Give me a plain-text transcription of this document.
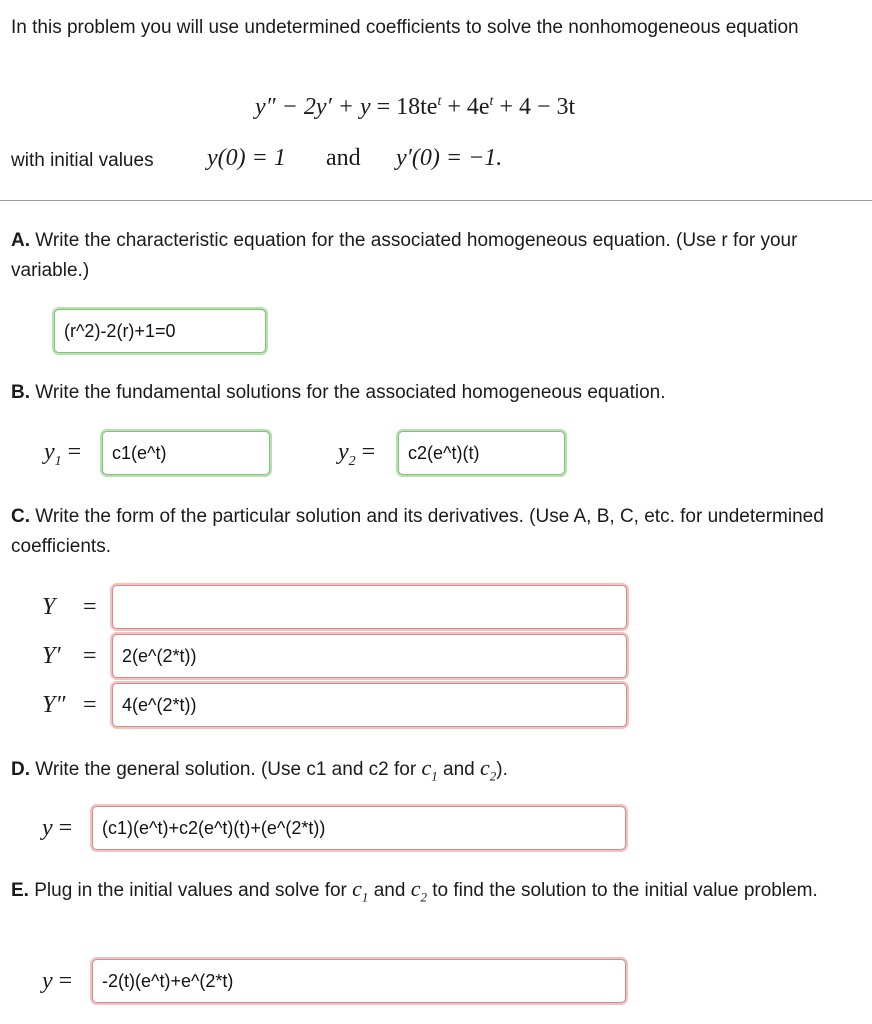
In this problem you will use undetermined coefficients to solve the nonhomogeneous equation
$y'' - 2y' + y = 18te^t + 4e^t + 4 - 3t$
with initial values y(0) = 1 and y′(0) = −1.
A. Write the characteristic equation for the associated homogeneous equation. (Use r for your variable.)
(r^2)-2(r)+1=0
B. Write the fundamental solutions for the associated homogeneous equation.
$y_1$ =
c1(e^t)	$y_2$ =
c2(e^t)(t)
C. Write the form of the particular solution and its derivatives. (Use A, B, C, etc. for undetermined coefficients.
Y =
Y′ =
2(e^(2*t))
Y″ =
4(e^(2*t))
D. Write the general solution. (Use c1 and c2 for $c_1$ and $c_2$).
y =
(c1)(e^t)+c2(e^t)(t)+(e^(2*t))
E. Plug in the initial values and solve for $c_1$ and $c_2$ to find the solution to the initial value problem.
y =
-2(t)(e^t)+e^(2*t)
